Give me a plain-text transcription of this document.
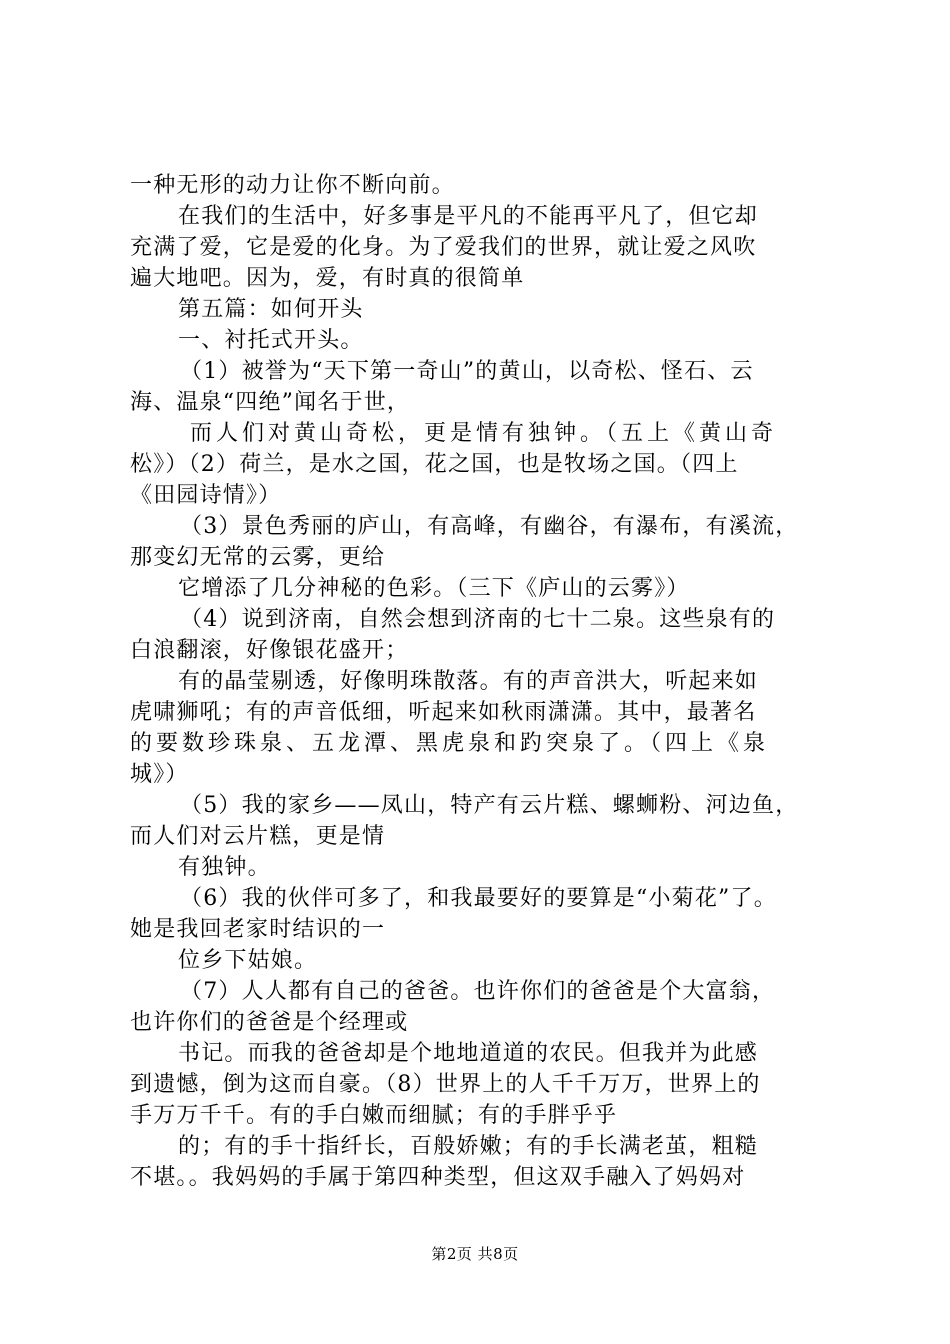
一种无形的动力让你不断向前。
在我们的生活中，好多事是平凡的不能再平凡了，但它却
充满了爱，它是爱的化身。为了爱我们的世界，就让爱之风吹
遍大地吧。因为，爱，有时真的很简单
第五篇：如何开头
一、衬托式开头。
（1）被誉为“天下第一奇山”的黄山，以奇松、怪石、云
海、温泉“四绝”闻名于世，
而人们对黄山奇松，更是情有独钟。（五上《黄山奇
松》）（2）荷兰，是水之国，花之国，也是牧场之国。（四上
《田园诗情》）
（3）景色秀丽的庐山，有高峰，有幽谷，有瀑布，有溪流，
那变幻无常的云雾，更给
它增添了几分神秘的色彩。（三下《庐山的云雾》）
（4）说到济南，自然会想到济南的七十二泉。这些泉有的
白浪翻滚，好像银花盛开；
有的晶莹剔透，好像明珠散落。有的声音洪大，听起来如
虎啸狮吼；有的声音低细，听起来如秋雨潇潇。其中，最著名
的要数珍珠泉、五龙潭、黑虎泉和趵突泉了。（四上《泉
城》）
（5）我的家乡——凤山，特产有云片糕、螺蛳粉、河边鱼，
而人们对云片糕，更是情
有独钟。
（6）我的伙伴可多了，和我最要好的要算是“小菊花”了。
她是我回老家时结识的一
位乡下姑娘。
（7）人人都有自己的爸爸。也许你们的爸爸是个大富翁，
也许你们的爸爸是个经理或
书记。而我的爸爸却是个地地道道的农民。但我并为此感
到遗憾，倒为这而自豪。（8）世界上的人千千万万，世界上的
手万万千千。有的手白嫩而细腻；有的手胖乎乎
的；有的手十指纤长，百般娇嫩；有的手长满老茧，粗糙
不堪。。我妈妈的手属于第四种类型，但这双手融入了妈妈对
第2页 共8页
